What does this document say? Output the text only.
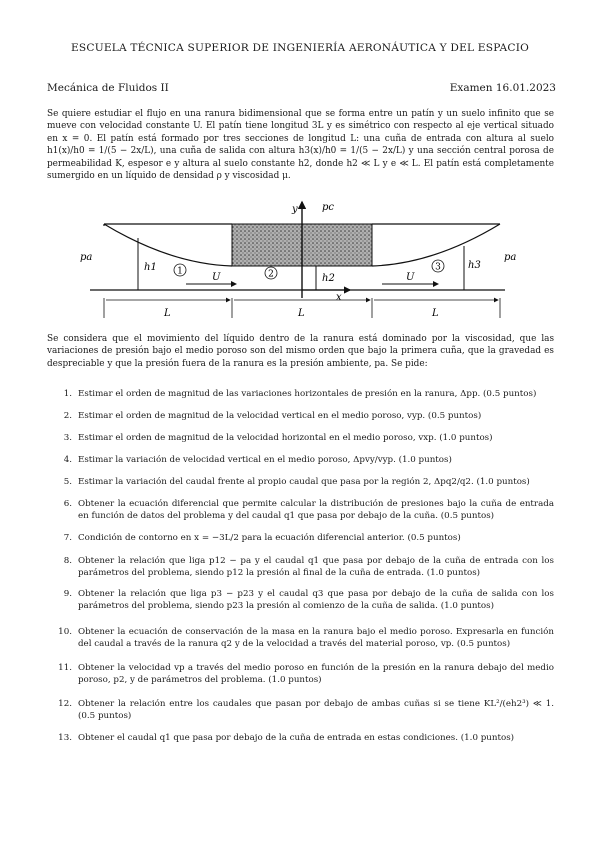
ESCUELA TÉCNICA SUPERIOR DE INGENIERÍA AERONÁUTICA Y DEL ESPACIO
Mecánica de Fluidos II	Examen 16.01.2023
Se quiere estudiar el flujo en una ranura bidimensional que se forma entre un patín y un suelo infinito que se mueve con velocidad constante U. El patín tiene longitud 3L y es simétrico con respecto al eje vertical situado en x = 0. El patín está formado por tres secciones de longitud L: una cuña de entrada con altura al suelo h1(x)/h0 = 1/(5 − 2x/L), una cuña de salida con altura h3(x)/h0 = 1/(5 − 2x/L) y una sección central porosa de permeabilidad K, espesor e y altura al suelo constante h2, donde h2 ≪ L y e ≪ L. El patín está completamente sumergido en un líquido de densidad ρ y viscosidad μ.
y pc
x
pa	pa
h1
h2
h3
1	2
3
U	U
L	L	L
Se considera que el movimiento del líquido dentro de la ranura está dominado por la viscosidad, que las variaciones de presión bajo el medio poroso son del mismo orden que bajo la primera cuña, que la gravedad es despreciable y que la presión fuera de la ranura es la presión ambiente, pa. Se pide:
1. Estimar el orden de magnitud de las variaciones horizontales de presión en la ranura, Δpp. (0.5 puntos)
2. Estimar el orden de magnitud de la velocidad vertical en el medio poroso, vyp. (0.5 puntos)
3. Estimar el orden de magnitud de la velocidad horizontal en el medio poroso, vxp. (1.0 puntos)
4. Estimar la variación de velocidad vertical en el medio poroso, Δpvy/vyp. (1.0 puntos)
5. Estimar la variación del caudal frente al propio caudal que pasa por la región 2, Δpq2/q2. (1.0 puntos)
6. Obtener la ecuación diferencial que permite calcular la distribución de presiones bajo la cuña de entrada en función de datos del problema y del caudal q1 que pasa por debajo de la cuña. (0.5 puntos)
7. Condición de contorno en x = −3L/2 para la ecuación diferencial anterior. (0.5 puntos)
8. Obtener la relación que liga p12 − pa y el caudal q1 que pasa por debajo de la cuña de entrada con los parámetros del problema, siendo p12 la presión al final de la cuña de entrada. (1.0 puntos)
9. Obtener la relación que liga p3 − p23 y el caudal q3 que pasa por debajo de la cuña de salida con los parámetros del problema, siendo p23 la presión al comienzo de la cuña de salida. (1.0 puntos)
10. Obtener la ecuación de conservación de la masa en la ranura bajo el medio poroso. Expresarla en función del caudal a través de la ranura q2 y de la velocidad a través del material poroso, vp. (0.5 puntos)
11. Obtener la velocidad vp a través del medio poroso en función de la presión en la ranura debajo del medio poroso, p2, y de parámetros del problema. (1.0 puntos)
12. Obtener la relación entre los caudales que pasan por debajo de ambas cuñas si se tiene KL²/(eh2³) ≪ 1. (0.5 puntos)
13. Obtener el caudal q1 que pasa por debajo de la cuña de entrada en estas condiciones. (1.0 puntos)
